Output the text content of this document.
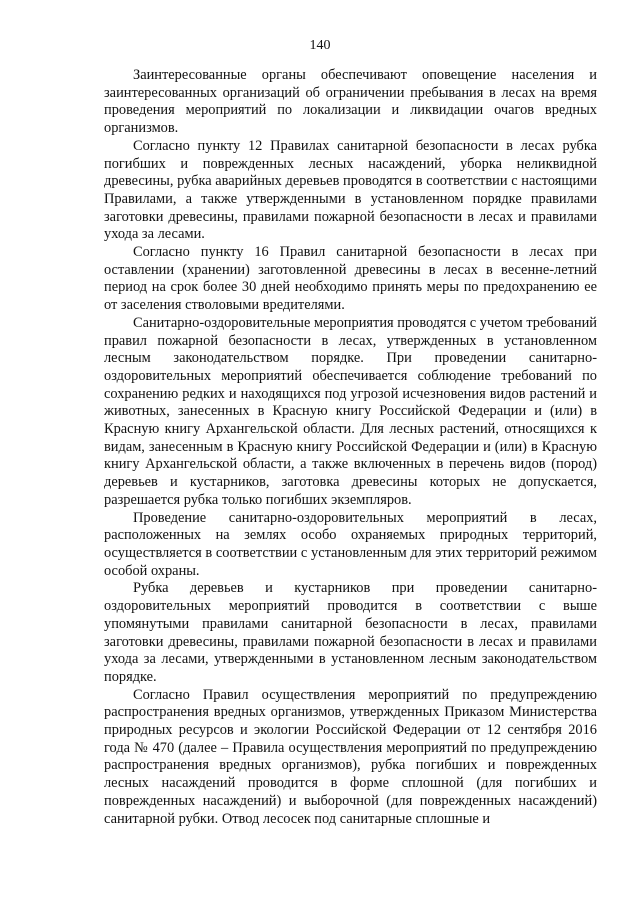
140

Заинтересованные органы обеспечивают оповещение населения и заинтересованных организаций об ограничении пребывания в лесах на время проведения мероприятий по локализации и ликвидации очагов вредных организмов.

Согласно пункту 12 Правилах санитарной безопасности в лесах рубка погибших и поврежденных лесных насаждений, уборка неликвидной древесины, рубка аварийных деревьев проводятся в соответствии с настоящими Правилами, а также утвержденными в установленном порядке правилами заготовки древесины, правилами пожарной безопасности в лесах и правилами ухода за лесами.

Согласно пункту 16 Правил санитарной безопасности в лесах при оставлении (хранении) заготовленной древесины в лесах в весенне-летний период на срок более 30 дней необходимо принять меры по предохранению ее от заселения стволовыми вредителями.

Санитарно-оздоровительные мероприятия проводятся с учетом требований правил пожарной безопасности в лесах, утвержденных в установленном лесным законодательством порядке. При проведении санитарно-оздоровительных мероприятий обеспечивается соблюдение требований по сохранению редких и находящихся под угрозой исчезновения видов растений и животных, занесенных в Красную книгу Российской Федерации и (или) в Красную книгу Архангельской области. Для лесных растений, относящихся к видам, занесенным в Красную книгу Российской Федерации и (или) в Красную книгу Архангельской области, а также включенных в перечень видов (пород) деревьев и кустарников, заготовка древесины которых не допускается, разрешается рубка только погибших экземпляров.

Проведение санитарно-оздоровительных мероприятий в лесах, расположенных на землях особо охраняемых природных территорий, осуществляется в соответствии с установленным для этих территорий режимом особой охраны.

Рубка деревьев и кустарников при проведении санитарно-оздоровительных мероприятий проводится в соответствии с выше упомянутыми правилами санитарной безопасности в лесах, правилами заготовки древесины, правилами пожарной безопасности в лесах и правилами ухода за лесами, утвержденными в установленном лесным законодательством порядке.

Согласно Правил осуществления мероприятий по предупреждению распространения вредных организмов, утвержденных Приказом Министерства природных ресурсов и экологии Российской Федерации от 12 сентября 2016 года № 470 (далее – Правила осуществления мероприятий по предупреждению распространения вредных организмов), рубка погибших и поврежденных лесных насаждений проводится в форме сплошной (для погибших и поврежденных насаждений) и выборочной (для поврежденных насаждений) санитарной рубки. Отвод лесосек под санитарные сплошные и
